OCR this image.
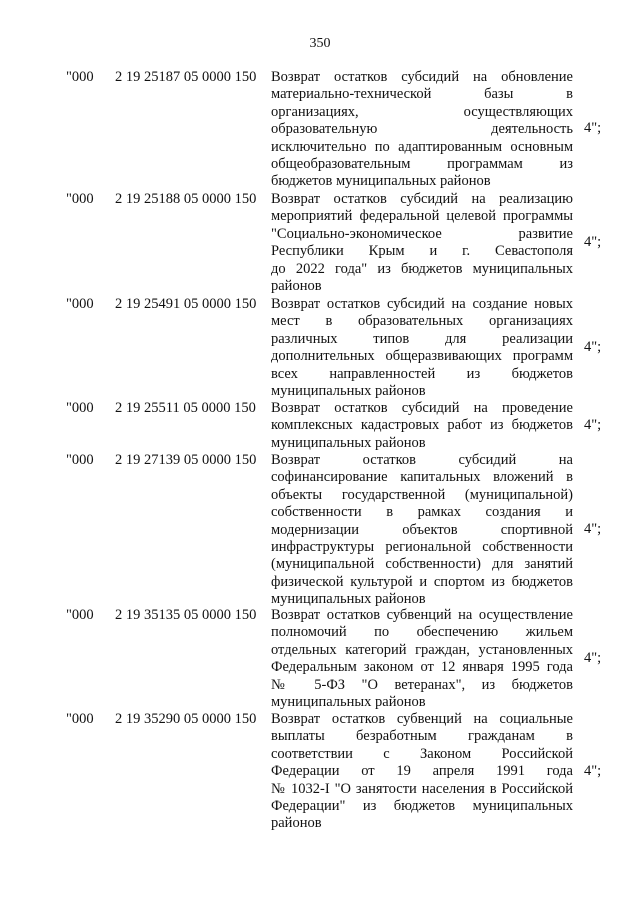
350
"000 2 19 25187 05 0000 150 Возврат остатков субсидий на обновление
материально-технической базы в
организациях, осуществляющих
образовательную деятельность
исключительно по адаптированным основным
общеобразовательным программам из
бюджетов муниципальных районов
4";
"000 2 19 25188 05 0000 150 Возврат остатков субсидий на реализацию
мероприятий федеральной целевой программы
"Социально-экономическое развитие
Республики Крым и г. Севастополя
до 2022 года" из бюджетов муниципальных
районов
4";
"000 2 19 25491 05 0000 150 Возврат остатков субсидий на создание новых
мест в образовательных организациях
различных типов для реализации
дополнительных общеразвивающих программ
всех направленностей из бюджетов
муниципальных районов
4";
"000 2 19 25511 05 0000 150 Возврат остатков субсидий на проведение
комплексных кадастровых работ из бюджетов
муниципальных районов
4";
"000 2 19 27139 05 0000 150 Возврат остатков субсидий на
софинансирование капитальных вложений в
объекты государственной (муниципальной)
собственности в рамках создания и
модернизации объектов спортивной
инфраструктуры региональной собственности
(муниципальной собственности) для занятий
физической культурой и спортом из бюджетов
муниципальных районов
4";
"000 2 19 35135 05 0000 150 Возврат остатков субвенций на осуществление
полномочий по обеспечению жильем
отдельных категорий граждан, установленных
Федеральным законом от 12 января 1995 года
№ 5-ФЗ "О ветеранах", из бюджетов
муниципальных районов
4";
"000 2 19 35290 05 0000 150 Возврат остатков субвенций на социальные
выплаты безработным гражданам в
соответствии с Законом Российской
Федерации от 19 апреля 1991 года
№ 1032-I "О занятости населения в Российской
Федерации" из бюджетов муниципальных
районов
4";
